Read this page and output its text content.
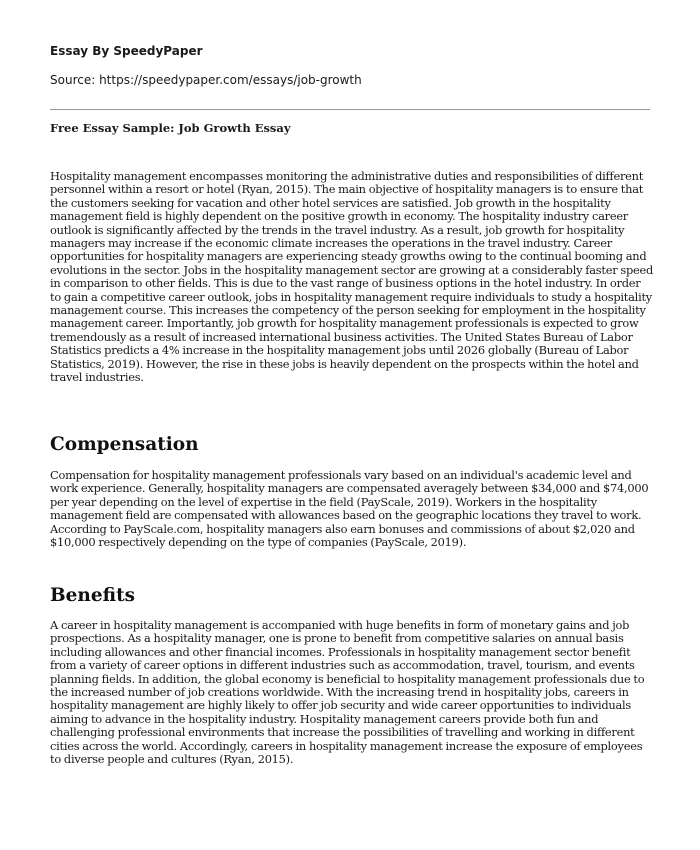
Essay By SpeedyPaper

Source: https://speedypaper.com/essays/job-growth

Free Essay Sample: Job Growth Essay

Hospitality management encompasses monitoring the administrative duties and responsibilities of different personnel within a resort or hotel (Ryan, 2015). The main objective of hospitality managers is to ensure that the customers seeking for vacation and other hotel services are satisfied. Job growth in the hospitality management field is highly dependent on the positive growth in economy. The hospitality industry career outlook is significantly affected by the trends in the travel industry. As a result, job growth for hospitality managers may increase if the economic climate increases the operations in the travel industry. Career opportunities for hospitality managers are experiencing steady growths owing to the continual booming and evolutions in the sector. Jobs in the hospitality management sector are growing at a considerably faster speed in comparison to other fields. This is due to the vast range of business options in the hotel industry. In order to gain a competitive career outlook, jobs in hospitality management require individuals to study a hospitality management course. This increases the competency of the person seeking for employment in the hospitality management career. Importantly, job growth for hospitality management professionals is expected to grow tremendously as a result of increased international business activities. The United States Bureau of Labor Statistics predicts a 4% increase in the hospitality management jobs until 2026 globally (Bureau of Labor Statistics, 2019). However, the rise in these jobs is heavily dependent on the prospects within the hotel and travel industries.

Compensation

Compensation for hospitality management professionals vary based on an individual's academic level and work experience. Generally, hospitality managers are compensated averagely between $34,000 and $74,000 per year depending on the level of expertise in the field (PayScale, 2019). Workers in the hospitality management field are compensated with allowances based on the geographic locations they travel to work. According to PayScale.com, hospitality managers also earn bonuses and commissions of about $2,020 and $10,000 respectively depending on the type of companies (PayScale, 2019).

Benefits

A career in hospitality management is accompanied with huge benefits in form of monetary gains and job prospections. As a hospitality manager, one is prone to benefit from competitive salaries on annual basis including allowances and other financial incomes. Professionals in hospitality management sector benefit from a variety of career options in different industries such as accommodation, travel, tourism, and events planning fields. In addition, the global economy is beneficial to hospitality management professionals due to the increased number of job creations worldwide. With the increasing trend in hospitality jobs, careers in hospitality management are highly likely to offer job security and wide career opportunities to individuals aiming to advance in the hospitality industry. Hospitality management careers provide both fun and challenging professional environments that increase the possibilities of travelling and working in different cities across the world. Accordingly, careers in hospitality management increase the exposure of employees to diverse people and cultures (Ryan, 2015).
